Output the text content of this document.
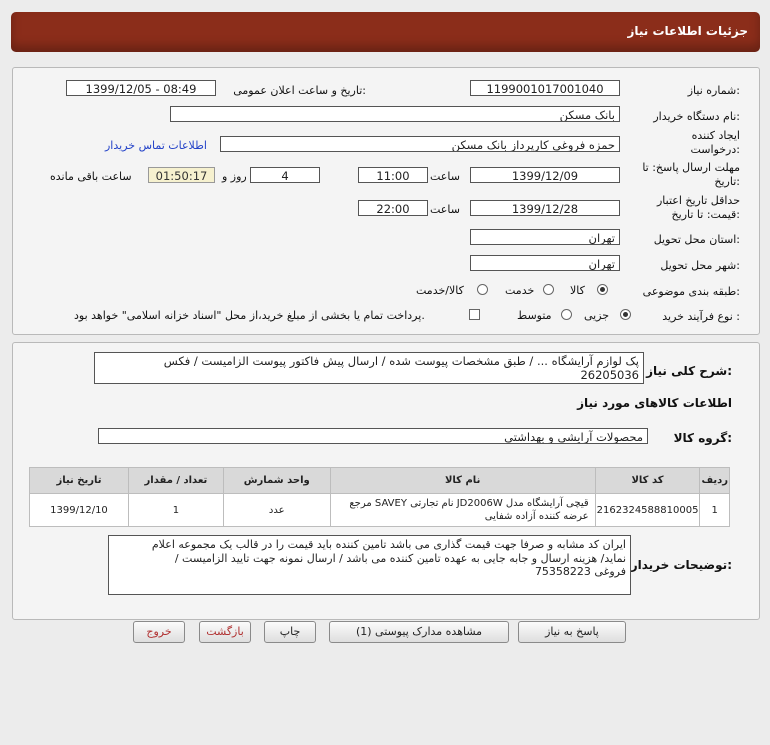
جزئیات اطلاعات نیاز
شماره نیاز:
1199001017001040
تاریخ و ساعت اعلان عمومی:
1399/12/05 - 08:49
نام دستگاه خریدار:
بانک مسکن
ایجاد کننده درخواست:
حمزه فروغی کارپرداز بانک مسکن
اطلاعات تماس خریدار
مهلت ارسال پاسخ: تا تاریخ:
1399/12/09
ساعت
11:00
4
روز و
01:50:17
ساعت باقی مانده
حداقل تاریخ اعتبار قیمت: تا تاریخ:
1399/12/28
ساعت
22:00
استان محل تحویل:
تهران
شهر محل تحویل:
تهران
طبقه بندی موضوعی:
کالا
خدمت
کالا/خدمت
نوع فرآیند خرید :
جزیی
متوسط
پرداخت تمام یا بخشی از مبلغ خرید،از محل "اسناد خزانه اسلامی" خواهد بود.
شرح کلی نیاز:
پک لوازم آرایشگاه ... / طبق مشخصات پیوست شده / ارسال پیش فاکتور پیوست الزامیست / فکس
26205036
اطلاعات کالاهای مورد نیاز
گروه کالا:
محصولات آرایشی و بهداشتی
ردیف	کد کالا	نام کالا	واحد شمارش	تعداد / مقدار	تاریخ نیاز
1	2162324588810005	قیچی آرایشگاه مدل JD2006W نام تجارتی SAVEY مرجع
عرضه کننده آزاده شفایی	عدد	1	1399/12/10
توضیحات خریدار:
ایران کد مشابه و صرفا جهت قیمت گذاری می باشد تامین کننده باید قیمت را در قالب یک مجموعه اعلام
نماید/ هزینه ارسال و جابه جایی به عهده تامین کننده می باشد / ارسال نمونه جهت تایید الزامیست /
فروغی 75358223
پاسخ به نیاز
مشاهده مدارک پیوستی (1)
چاپ
بازگشت
خروج
